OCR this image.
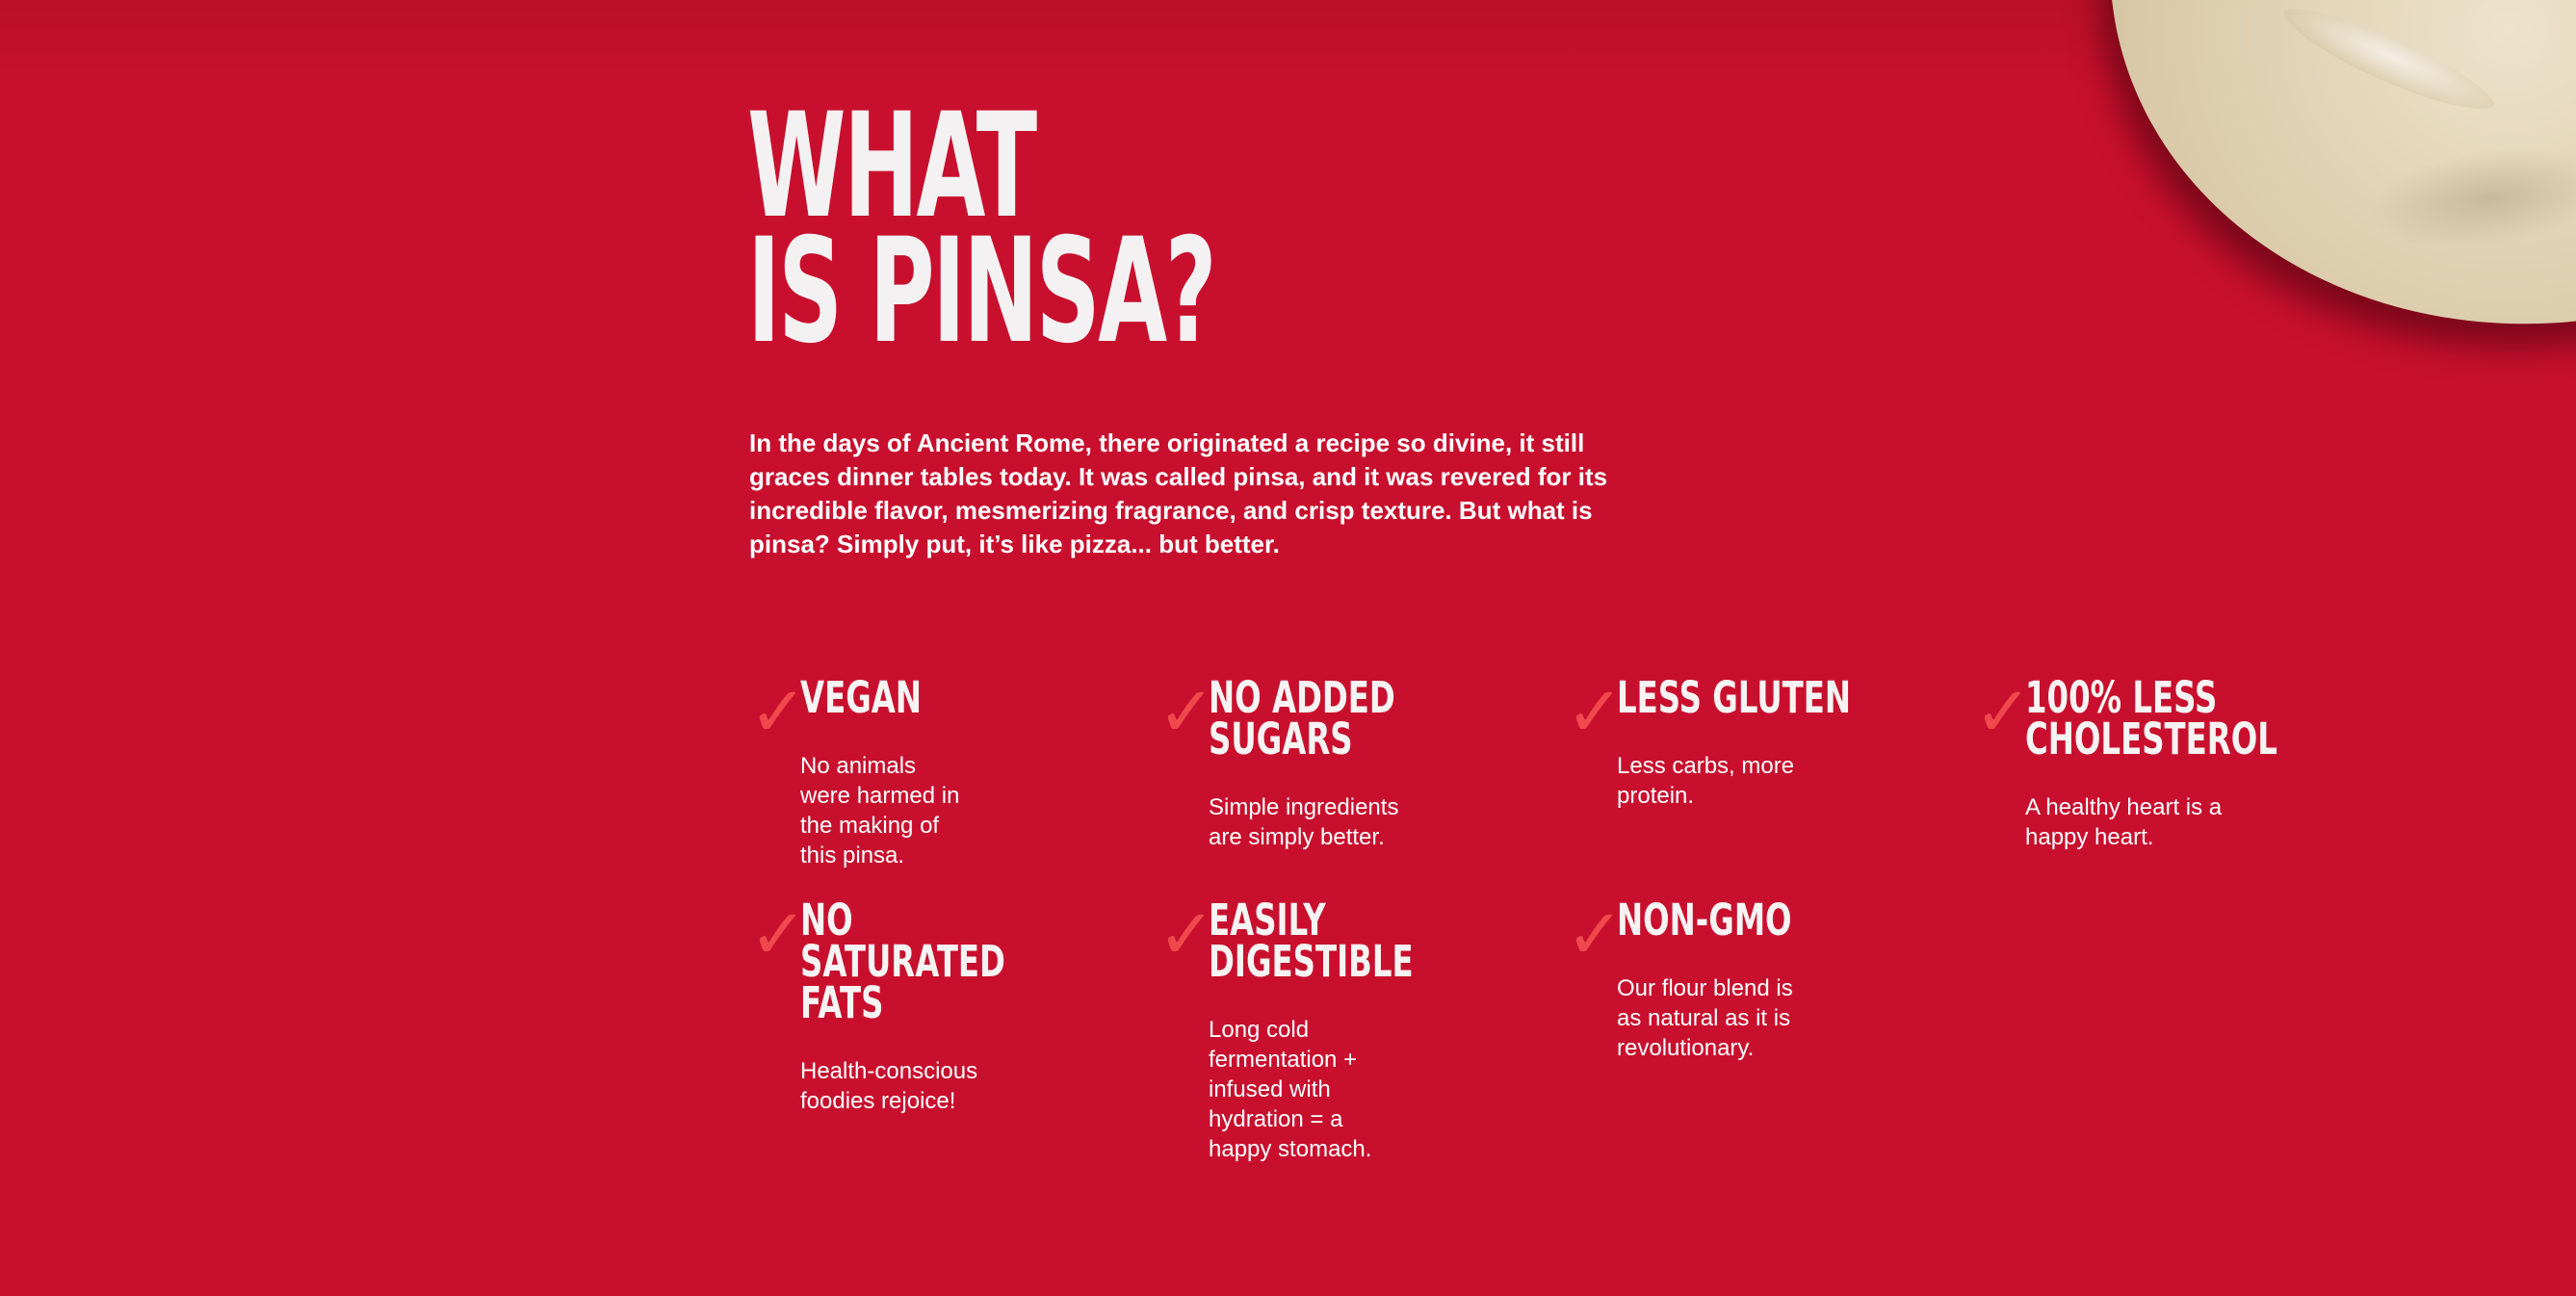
WHAT
IS PINSA?

In the days of Ancient Rome, there originated a recipe so divine, it still graces dinner tables today. It was called pinsa, and it was revered for its incredible flavor, mesmerizing fragrance, and crisp texture. But what is pinsa? Simply put, it’s like pizza... but better.

✓
VEGAN

No animals
were harmed in
the making of
this pinsa.

✓
NO ADDED
SUGARS

Simple ingredients
are simply better.

✓
LESS GLUTEN

Less carbs, more
protein.

✓
100% LESS
CHOLESTEROL

A healthy heart is a
happy heart.

✓
NO
SATURATED
FATS

Health-conscious
foodies rejoice!

✓
EASILY
DIGESTIBLE

Long cold
fermentation +
infused with
hydration = a
happy stomach.

✓
NON-GMO

Our flour blend is
as natural as it is
revolutionary.
